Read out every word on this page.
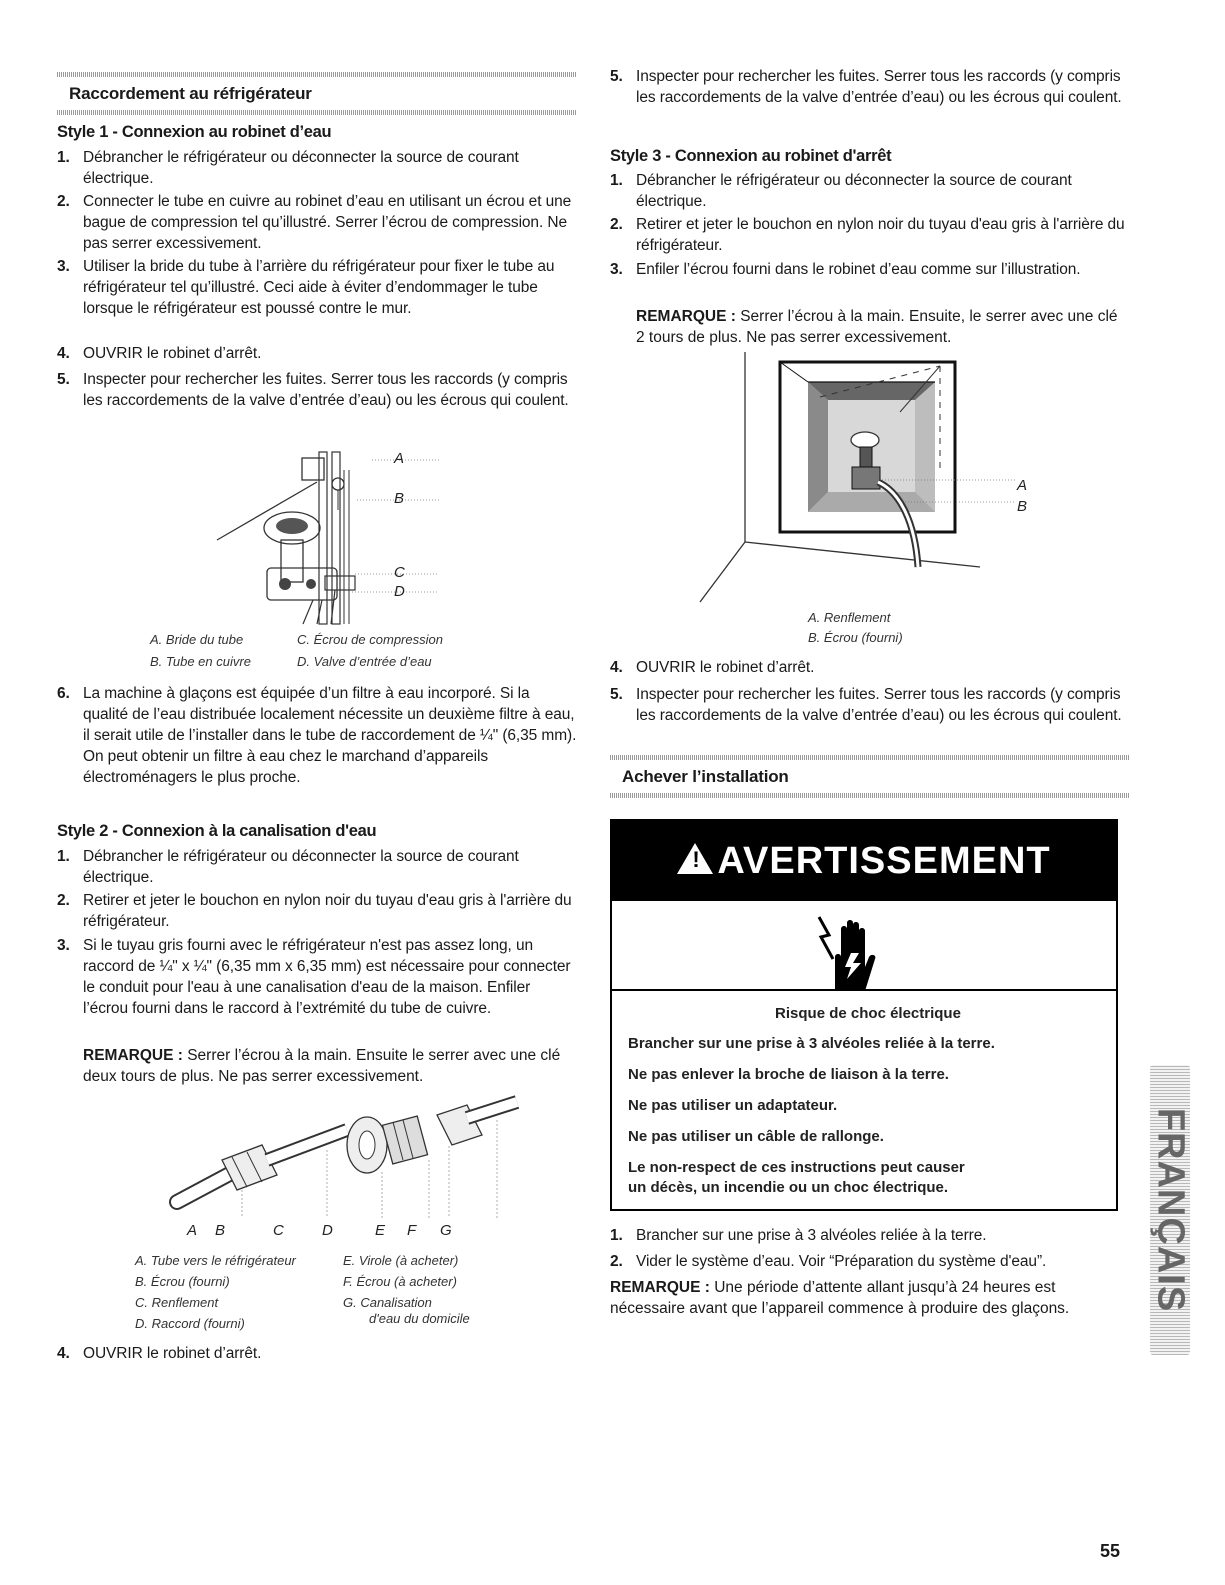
Raccordement au réfrigérateur
Style 1 - Connexion au robinet d’eau
1. Débrancher le réfrigérateur ou déconnecter la source de courant électrique.
2. Connecter le tube en cuivre au robinet d’eau en utilisant un écrou et une bague de compression tel qu’illustré. Serrer l’écrou de compression. Ne pas serrer excessivement.
3. Utiliser la bride du tube à l’arrière du réfrigérateur pour fixer le tube au réfrigérateur tel qu’illustré. Ceci aide à éviter d’endommager le tube lorsque le réfrigérateur est poussé contre le mur.
4. OUVRIR le robinet d’arrêt.
5. Inspecter pour rechercher les fuites. Serrer tous les raccords (y compris les raccordements de la valve d’entrée d’eau) ou les écrous qui coulent.
A
B
C
D
A. Bride du tube
B. Tube en cuivre
C. Écrou de compression
D. Valve d’entrée d’eau
6. La machine à glaçons est équipée d’un filtre à eau incorporé. Si la qualité de l’eau distribuée localement nécessite un deuxième filtre à eau, il serait utile de l’installer dans le tube de raccordement de ¼" (6,35 mm). On peut obtenir un filtre à eau chez le marchand d’appareils électroménagers le plus proche.
Style 2 - Connexion à la canalisation d'eau
1. Débrancher le réfrigérateur ou déconnecter la source de courant électrique.
2. Retirer et jeter le bouchon en nylon noir du tuyau d'eau gris à l'arrière du réfrigérateur.
3. Si le tuyau gris fourni avec le réfrigérateur n'est pas assez long, un raccord de ¼" x ¼" (6,35 mm x 6,35 mm) est nécessaire pour connecter le conduit pour l'eau à une canalisation d'eau de la maison. Enfiler l’écrou fourni dans le raccord à l’extrémité du tube de cuivre.
REMARQUE : Serrer l’écrou à la main. Ensuite le serrer avec une clé deux tours de plus. Ne pas serrer excessivement.
A B	C	D	E F G
A. Tube vers le réfrigérateur
B. Écrou (fourni)
C. Renflement
D. Raccord (fourni)
E. Virole (à acheter)
F. Écrou (à acheter)
G. Canalisation
d'eau du domicile
4. OUVRIR le robinet d’arrêt.
5. Inspecter pour rechercher les fuites. Serrer tous les raccords (y compris les raccordements de la valve d’entrée d’eau) ou les écrous qui coulent.
Style 3 - Connexion au robinet d'arrêt
1. Débrancher le réfrigérateur ou déconnecter la source de courant électrique.
2. Retirer et jeter le bouchon en nylon noir du tuyau d'eau gris à l'arrière du réfrigérateur.
3. Enfiler l’écrou fourni dans le robinet d’eau comme sur l’illustration.
REMARQUE : Serrer l’écrou à la main. Ensuite, le serrer avec une clé 2 tours de plus. Ne pas serrer excessivement.
A
B
A. Renflement
B. Écrou (fourni)
4. OUVRIR le robinet d’arrêt.
5. Inspecter pour rechercher les fuites. Serrer tous les raccords (y compris les raccordements de la valve d’entrée d’eau) ou les écrous qui coulent.
Achever l’installation
! AVERTISSEMENT
Risque de choc électrique
Brancher sur une prise à 3 alvéoles reliée à la terre.
Ne pas enlever la broche de liaison à la terre.
Ne pas utiliser un adaptateur.
Ne pas utiliser un câble de rallonge.
Le non-respect de ces instructions peut causer
un décès, un incendie ou un choc électrique.
1. Brancher sur une prise à 3 alvéoles reliée à la terre.
2. Vider le système d’eau. Voir “Préparation du système d'eau”.
REMARQUE : Une période d’attente allant jusqu’à 24 heures est nécessaire avant que l’appareil commence à produire des glaçons.	FRANÇAIS
55
